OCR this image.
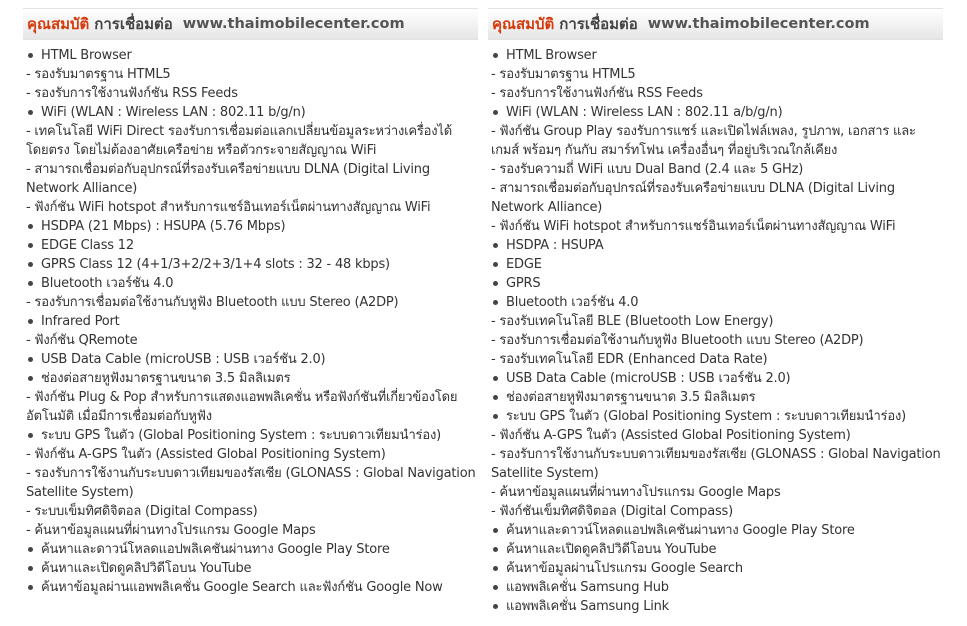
คุณสมบัติ การเชื่อมต่อ www.thaimobilecenter.com
HTML Browser
- รองรับมาตรฐาน HTML5
- รองรับการใช้งานฟังก์ชัน RSS Feeds
WiFi (WLAN : Wireless LAN : 802.11 b/g/n)
- เทคโนโลยี WiFi Direct รองรับการเชื่อมต่อแลกเปลี่ยนข้อมูลระหว่างเครื่องได้โดยตรง โดยไม่ต้องอาศัยเครือข่าย หรือตัวกระจายสัญญาณ WiFi
- สามารถเชื่อมต่อกับอุปกรณ์ที่รองรับเครือข่ายแบบ DLNA (Digital Living Network Alliance)
- ฟังก์ชัน WiFi hotspot สำหรับการแชร์อินเทอร์เน็ตผ่านทางสัญญาณ WiFi
HSDPA (21 Mbps) : HSUPA (5.76 Mbps)
EDGE Class 12
GPRS Class 12 (4+1/3+2/2+3/1+4 slots : 32 - 48 kbps)
Bluetooth เวอร์ชัน 4.0
- รองรับการเชื่อมต่อใช้งานกับหูฟัง Bluetooth แบบ Stereo (A2DP)
Infrared Port
- ฟังก์ชัน QRemote
USB Data Cable (microUSB : USB เวอร์ชัน 2.0)
ช่องต่อสายหูฟังมาตรฐานขนาด 3.5 มิลลิเมตร
- ฟังก์ชัน Plug & Pop สำหรับการแสดงแอพพลิเคชั่น หรือฟังก์ชันที่เกี่ยวข้องโดยอัตโนมัติ เมื่อมีการเชื่อมต่อกับหูฟัง
ระบบ GPS ในตัว (Global Positioning System : ระบบดาวเทียมนำร่อง)
- ฟังก์ชัน A-GPS ในตัว (Assisted Global Positioning System)
- รองรับการใช้งานกับระบบดาวเทียมของรัสเซีย (GLONASS : Global Navigation Satellite System)
- ระบบเข็มทิศดิจิตอล (Digital Compass)
- ค้นหาข้อมูลแผนที่ผ่านทางโปรแกรม Google Maps
ค้นหาและดาวน์โหลดแอปพลิเคชันผ่านทาง Google Play Store
ค้นหาและเปิดดูคลิปวิดีโอบน YouTube
ค้นหาข้อมูลผ่านแอพพลิเคชั่น Google Search และฟังก์ชัน Google Now
คุณสมบัติ การเชื่อมต่อ www.thaimobilecenter.com
HTML Browser
- รองรับมาตรฐาน HTML5
- รองรับการใช้งานฟังก์ชัน RSS Feeds
WiFi (WLAN : Wireless LAN : 802.11 a/b/g/n)
- ฟังก์ชัน Group Play รองรับการแชร์ และเปิดไฟล์เพลง, รูปภาพ, เอกสาร และเกมส์ พร้อมๆ กันกับ สมาร์ทโฟน เครื่องอื่นๆ ที่อยู่บริเวณใกล้เคียง
- รองรับความถี่ WiFi แบบ Dual Band (2.4 และ 5 GHz)
- สามารถเชื่อมต่อกับอุปกรณ์ที่รองรับเครือข่ายแบบ DLNA (Digital Living Network Alliance)
- ฟังก์ชัน WiFi hotspot สำหรับการแชร์อินเทอร์เน็ตผ่านทางสัญญาณ WiFi
HSDPA : HSUPA
EDGE
GPRS
Bluetooth เวอร์ชัน 4.0
- รองรับเทคโนโลยี BLE (Bluetooth Low Energy)
- รองรับการเชื่อมต่อใช้งานกับหูฟัง Bluetooth แบบ Stereo (A2DP)
- รองรับเทคโนโลยี EDR (Enhanced Data Rate)
USB Data Cable (microUSB : USB เวอร์ชัน 2.0)
ช่องต่อสายหูฟังมาตรฐานขนาด 3.5 มิลลิเมตร
ระบบ GPS ในตัว (Global Positioning System : ระบบดาวเทียมนำร่อง)
- ฟังก์ชัน A-GPS ในตัว (Assisted Global Positioning System)
- รองรับการใช้งานกับระบบดาวเทียมของรัสเซีย (GLONASS : Global Navigation Satellite System)
- ค้นหาข้อมูลแผนที่ผ่านทางโปรแกรม Google Maps
- ฟังก์ชันเข็มทิศดิจิตอล (Digital Compass)
ค้นหาและดาวน์โหลดแอปพลิเคชันผ่านทาง Google Play Store
ค้นหาและเปิดดูคลิปวิดีโอบน YouTube
ค้นหาข้อมูลผ่านโปรแกรม Google Search
แอพพลิเคชั่น Samsung Hub
แอพพลิเคชั่น Samsung Link
